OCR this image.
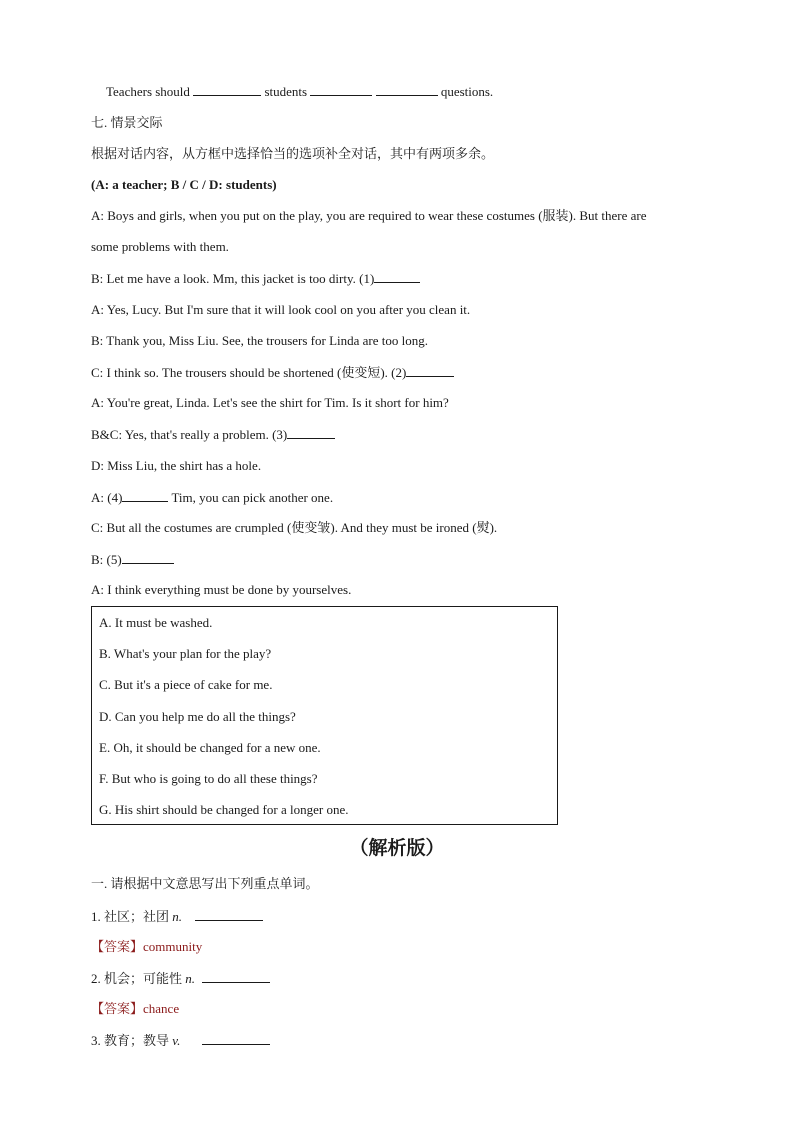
Teachers should	students	questions.
七. 情景交际
根据对话内容，从方框中选择恰当的选项补全对话，其中有两项多余。
(A: a teacher; B / C / D: students)
A: Boys and girls, when you put on the play, you are required to wear these costumes (服装). But there are
some problems with them.
B: Let me have a look. Mm, this jacket is too dirty. (1)
A: Yes, Lucy. But I'm sure that it will look cool on you after you clean it.
B: Thank you, Miss Liu. See, the trousers for Linda are too long.
C: I think so. The trousers should be shortened (使变短). (2)
A: You're great, Linda. Let's see the shirt for Tim. Is it short for him?
B&C: Yes, that's really a problem. (3)
D: Miss Liu, the shirt has a hole.
A: (4)	Tim, you can pick another one.
C: But all the costumes are crumpled (使变皱). And they must be ironed (熨).
B: (5)
A: I think everything must be done by yourselves.
A. It must be washed.
B. What's your plan for the play?
C. But it's a piece of cake for me.
D. Can you help me do all the things?
E. Oh, it should be changed for a new one.
F. But who is going to do all these things?
G. His shirt should be changed for a longer one.
（解析版）
一. 请根据中文意思写出下列重点单词。
1. 社区；社团 n.
【答案】community
2. 机会；可能性 n.
【答案】chance
3. 教育；教导 v.
